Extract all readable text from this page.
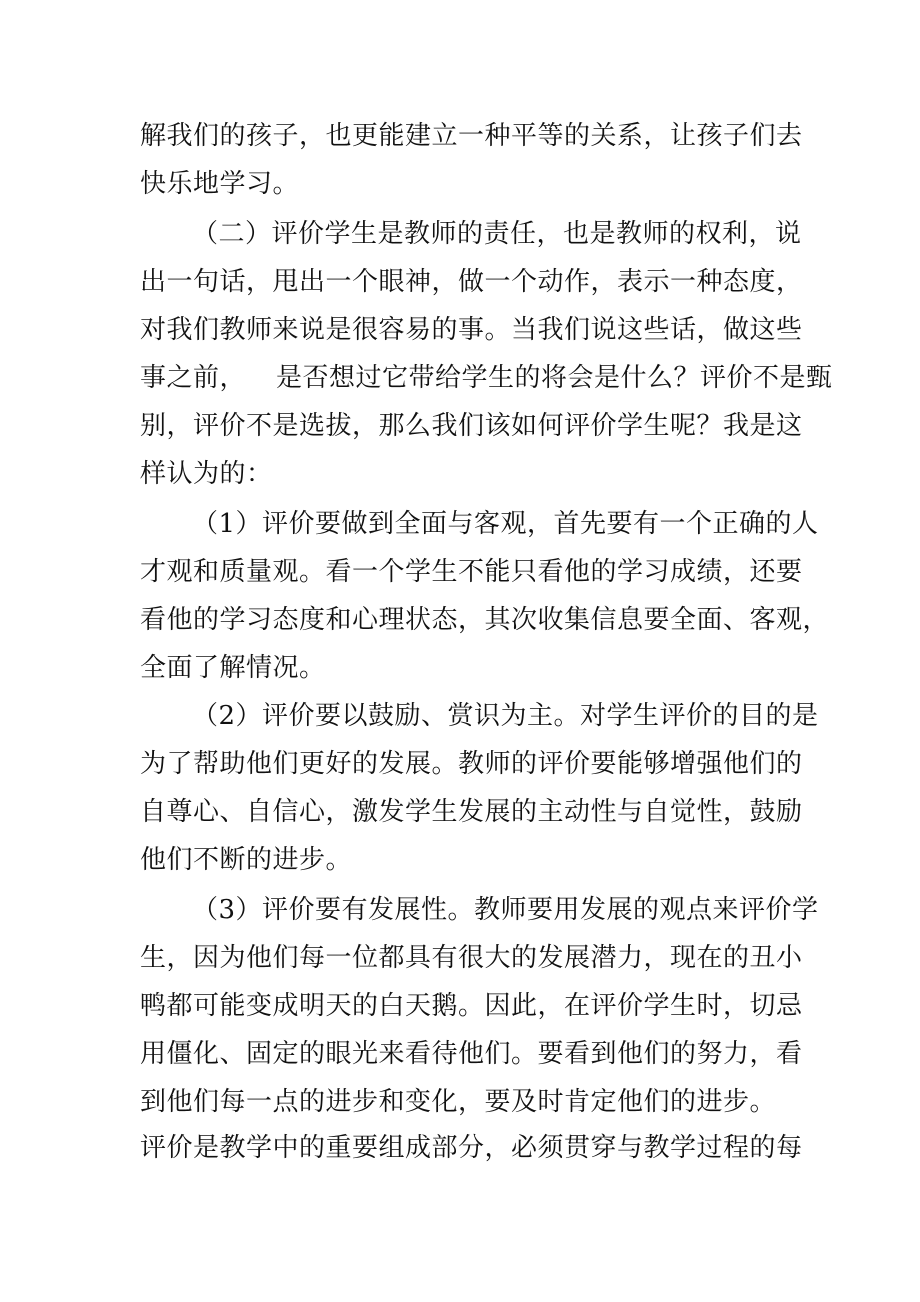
解我们的孩子，也更能建立一种平等的关系，让孩子们去
快乐地学习。
（二）评价学生是教师的责任，也是教师的权利，说
出一句话，甩出一个眼神，做一个动作，表示一种态度，
对我们教师来说是很容易的事。当我们说这些话，做这些
事之前， 是否想过它带给学生的将会是什么？评价不是甄
别，评价不是选拔，那么我们该如何评价学生呢？我是这
样认为的：
（1）评价要做到全面与客观，首先要有一个正确的人
才观和质量观。看一个学生不能只看他的学习成绩，还要
看他的学习态度和心理状态，其次收集信息要全面、客观，
全面了解情况。
（2）评价要以鼓励、赏识为主。对学生评价的目的是
为了帮助他们更好的发展。教师的评价要能够增强他们的
自尊心、自信心，激发学生发展的主动性与自觉性，鼓励
他们不断的进步。
（3）评价要有发展性。教师要用发展的观点来评价学
生，因为他们每一位都具有很大的发展潜力，现在的丑小
鸭都可能变成明天的白天鹅。因此，在评价学生时，切忌
用僵化、固定的眼光来看待他们。要看到他们的努力，看
到他们每一点的进步和变化，要及时肯定他们的进步。
评价是教学中的重要组成部分，必须贯穿与教学过程的每
